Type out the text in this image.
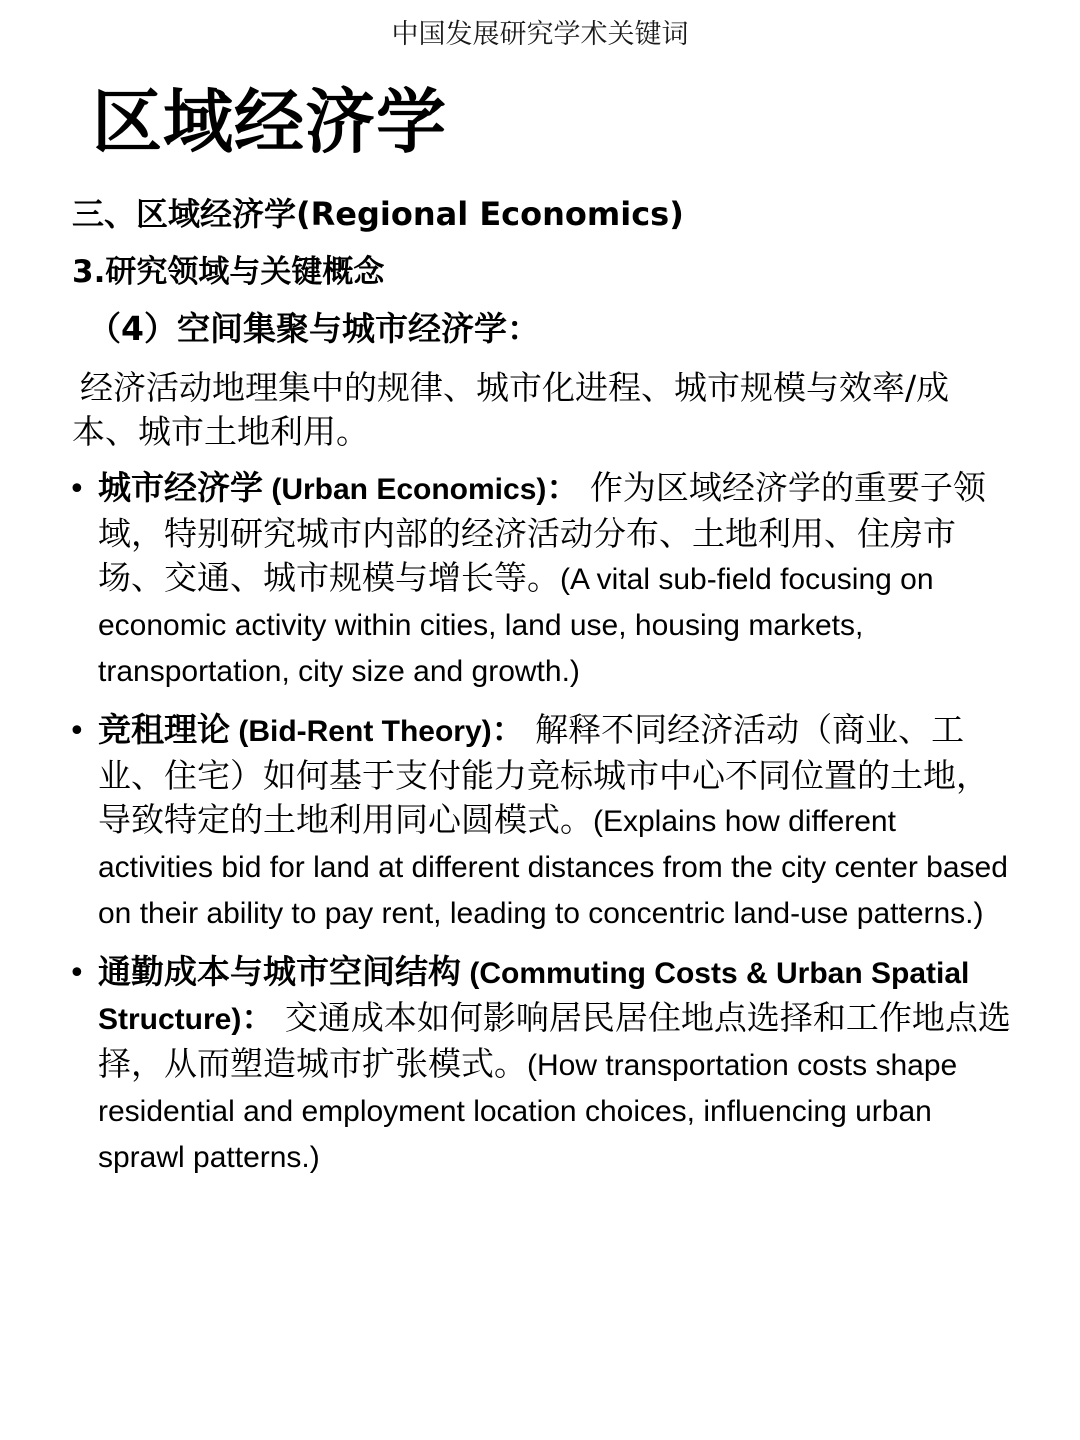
中国发展研究学术关键词
区域经济学
三、区域经济学(Regional Economics)
3.研究领域与关键概念
（4）空间集聚与城市经济学：
经济活动地理集中的规律、城市化进程、城市规模与效率/成本、城市土地利用。
• 城市经济学 (Urban Economics)： 作为区域经济学的重要子领域，特别研究城市内部的经济活动分布、土地利用、住房市场、交通、城市规模与增长等。(A vital sub-field focusing on economic activity within cities, land use, housing markets, transportation, city size and growth.)
• 竞租理论 (Bid-Rent Theory)： 解释不同经济活动（商业、工业、住宅）如何基于支付能力竞标城市中心不同位置的土地，导致特定的土地利用同心圆模式。(Explains how different activities bid for land at different distances from the city center based on their ability to pay rent, leading to concentric land-use patterns.)
• 通勤成本与城市空间结构 (Commuting Costs & Urban Spatial Structure)： 交通成本如何影响居民居住地点选择和工作地点选择，从而塑造城市扩张模式。(How transportation costs shape residential and employment location choices, influencing urban sprawl patterns.)
